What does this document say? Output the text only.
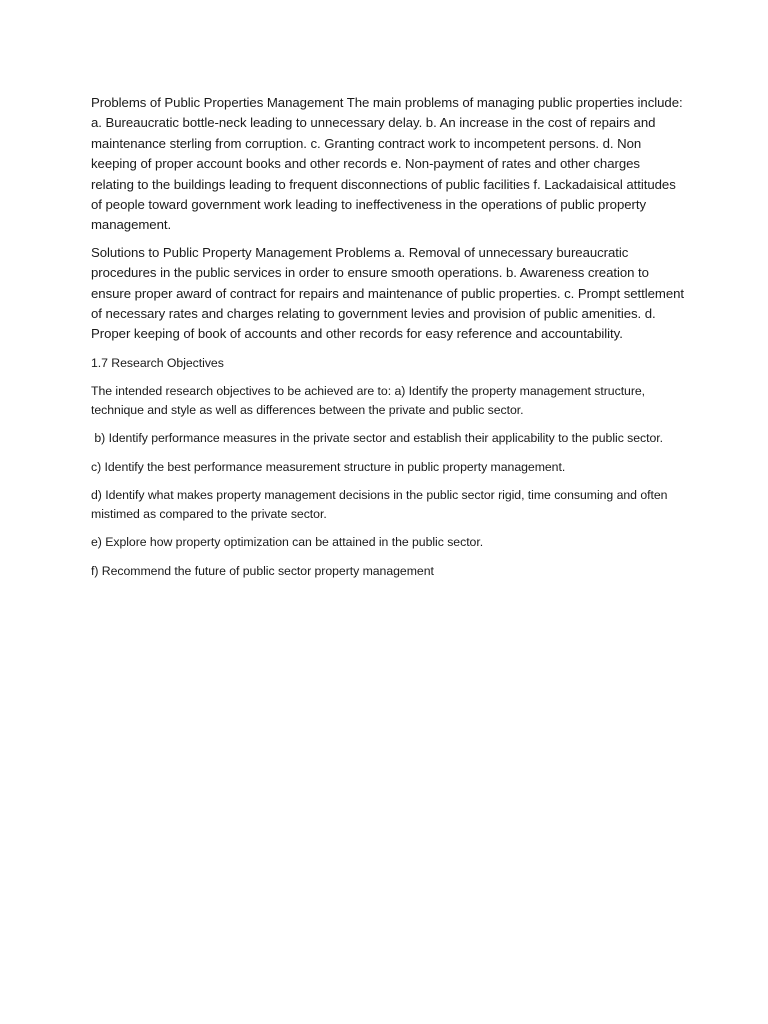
Problems of Public Properties Management The main problems of managing public properties include: a. Bureaucratic bottle-neck leading to unnecessary delay. b. An increase in the cost of repairs and maintenance sterling from corruption. c. Granting contract work to incompetent persons. d. Non keeping of proper account books and other records e. Non-payment of rates and other charges relating to the buildings leading to frequent disconnections of public facilities f. Lackadaisical attitudes of people toward government work leading to ineffectiveness in the operations of public property management.

Solutions to Public Property Management Problems a. Removal of unnecessary bureaucratic procedures in the public services in order to ensure smooth operations. b. Awareness creation to ensure proper award of contract for repairs and maintenance of public properties. c. Prompt settlement of necessary rates and charges relating to government levies and provision of public amenities. d. Proper keeping of book of accounts and other records for easy reference and accountability.

1.7 Research Objectives

The intended research objectives to be achieved are to: a) Identify the property management structure, technique and style as well as differences between the private and public sector.

b) Identify performance measures in the private sector and establish their applicability to the public sector.

c) Identify the best performance measurement structure in public property management.

d) Identify what makes property management decisions in the public sector rigid, time consuming and often mistimed as compared to the private sector.

e) Explore how property optimization can be attained in the public sector.

f) Recommend the future of public sector property management
